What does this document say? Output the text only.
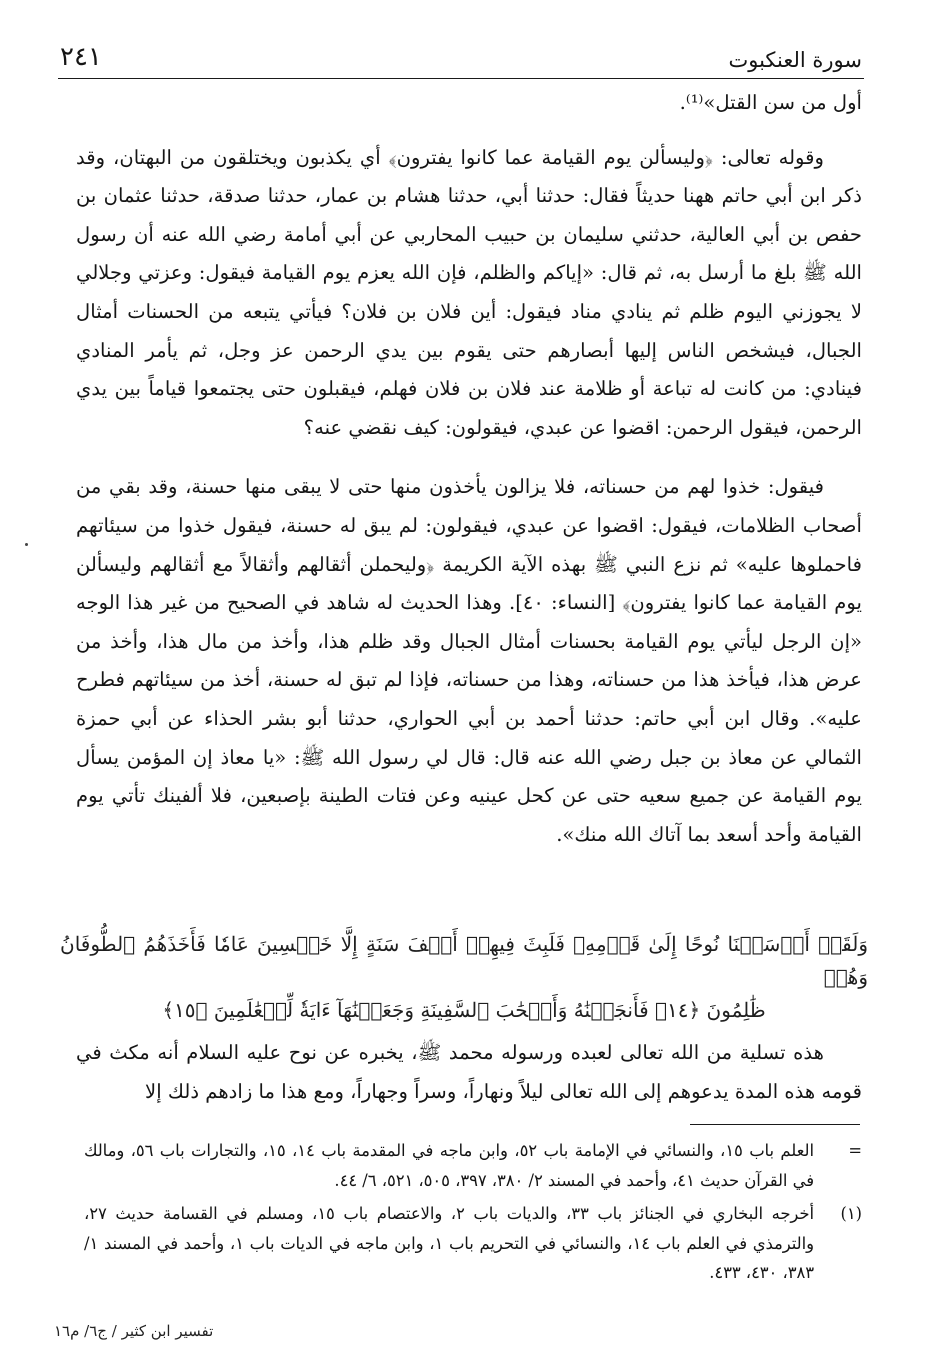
٢٤١	سورة العنكبوت

أول من سن القتل»⁽¹⁾.

وقوله تعالى: ﴿وليسألن يوم القيامة عما كانوا يفترون﴾ أي يكذبون ويختلقون من البهتان، وقد ذكر ابن أبي حاتم ههنا حديثاً فقال: حدثنا أبي، حدثنا هشام بن عمار، حدثنا صدقة، حدثنا عثمان بن حفص بن أبي العالية، حدثني سليمان بن حبيب المحاربي عن أبي أمامة رضي الله عنه أن رسول الله ﷺ بلغ ما أرسل به، ثم قال: «إياكم والظلم، فإن الله يعزم يوم القيامة فيقول: وعزتي وجلالي لا يجوزني اليوم ظلم ثم ينادي مناد فيقول: أين فلان بن فلان؟ فيأتي يتبعه من الحسنات أمثال الجبال، فيشخص الناس إليها أبصارهم حتى يقوم بين يدي الرحمن عز وجل، ثم يأمر المنادي فينادي: من كانت له تباعة أو ظلامة عند فلان بن فلان فهلم، فيقبلون حتى يجتمعوا قياماً بين يدي الرحمن، فيقول الرحمن: اقضوا عن عبدي، فيقولون: كيف نقضي عنه؟

فيقول: خذوا لهم من حسناته، فلا يزالون يأخذون منها حتى لا يبقى منها حسنة، وقد بقي من أصحاب الظلامات، فيقول: اقضوا عن عبدي، فيقولون: لم يبق له حسنة، فيقول خذوا من سيئاتهم فاحملوها عليه» ثم نزع النبي ﷺ بهذه الآية الكريمة ﴿وليحملن أثقالهم وأثقالاً مع أثقالهم وليسألن يوم القيامة عما كانوا يفترون﴾ [النساء: ٤٠]. وهذا الحديث له شاهد في الصحيح من غير هذا الوجه «إن الرجل ليأتي يوم القيامة بحسنات أمثال الجبال وقد ظلم هذا، وأخذ من مال هذا، وأخذ من عرض هذا، فيأخذ هذا من حسناته، وهذا من حسناته، فإذا لم تبق له حسنة، أخذ من سيئاتهم فطرح عليه». وقال ابن أبي حاتم: حدثنا أحمد بن أبي الحواري، حدثنا أبو بشر الحذاء عن أبي حمزة الثمالي عن معاذ بن جبل رضي الله عنه قال: قال لي رسول الله ﷺ: «يا معاذ إن المؤمن يسأل يوم القيامة عن جميع سعيه حتى عن كحل عينيه وعن فتات الطينة بإصبعين، فلا ألفينك تأتي يوم القيامة وأحد أسعد بما آتاك الله منك».

وَلَقَدۡ أَرۡسَلۡنَا نُوحًا إِلَىٰ قَوۡمِهِۦ فَلَبِثَ فِيهِمۡ أَلۡفَ سَنَةٍ إِلَّا خَمۡسِينَ عَامٗا فَأَخَذَهُمُ ٱلطُّوفَانُ وَهُمۡ

ظَٰلِمُونَ ﴿١٤﴾ فَأَنجَيۡنَٰهُ وَأَصۡحَٰبَ ٱلسَّفِينَةِ وَجَعَلۡنَٰهَآ ءَايَةٗ لِّلۡعَٰلَمِينَ ﴿١٥﴾

هذه تسلية من الله تعالى لعبده ورسوله محمد ﷺ، يخبره عن نوح عليه السلام أنه مكث في قومه هذه المدة يدعوهم إلى الله تعالى ليلاً ونهاراً، وسراً وجهاراً، ومع هذا ما زادهم ذلك إلا

=
العلم باب ١٥، والنسائي في الإمامة باب ٥٢، وابن ماجه في المقدمة باب ١٤، ١٥، والتجارات باب ٥٦، ومالك في القرآن حديث ٤١، وأحمد في المسند ٢/ ٣٨٠، ٣٩٧، ٥٠٥، ٥٢١، ٦/ ٤٤.
(١)
أخرجه البخاري في الجنائز باب ٣٣، والديات باب ٢، والاعتصام باب ١٥، ومسلم في القسامة حديث ٢٧، والترمذي في العلم باب ١٤، والنسائي في التحريم باب ١، وابن ماجه في الديات باب ١، وأحمد في المسند ١/ ٣٨٣، ٤٣٠، ٤٣٣.
تفسير ابن كثير / ج٦/ م١٦
